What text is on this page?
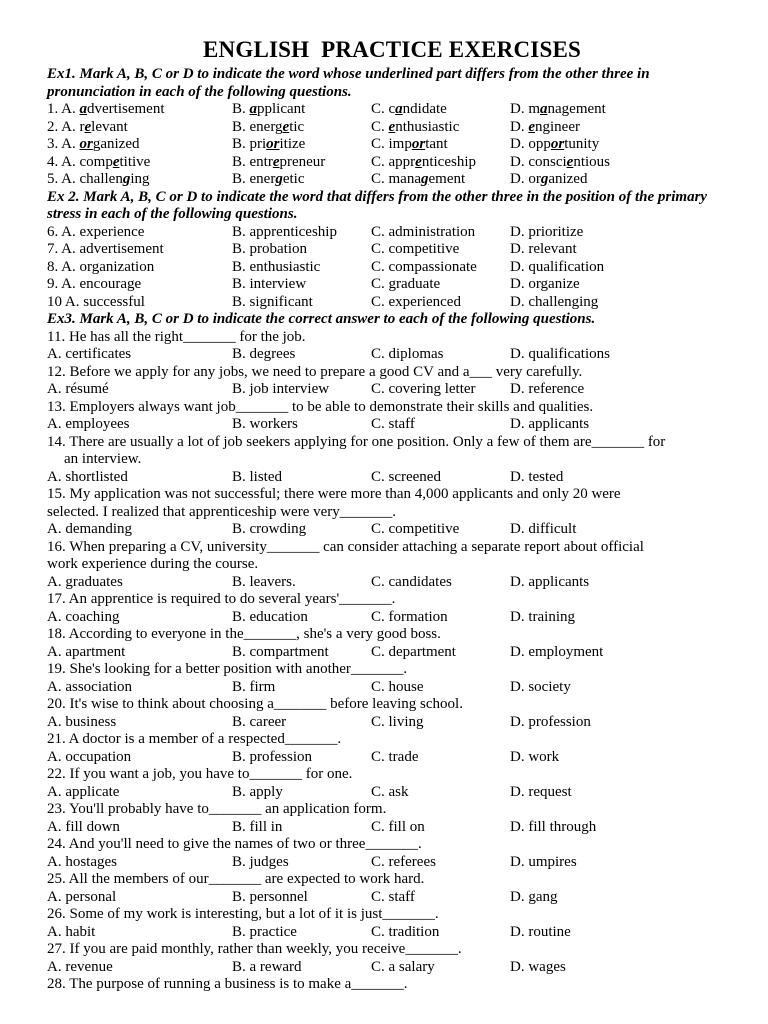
ENGLISH  PRACTICE EXERCISES
Ex1. Mark A, B, C or D to indicate the word whose underlined part differs from the other three in pronunciation in each of the following questions.
1. A. advertisement	B. applicant	C. candidate	D. management
2. A. relevant	B. energetic	C. enthusiastic	D. engineer
3. A. organized	B. prioritize	C. important	D. opportunity
4. A. competitive	B. entrepreneur	C. apprenticeship D. conscientious
5. A. challenging	B. energetic	C. management	D. organized
Ex 2. Mark A, B, C or D to indicate the word that differs from the other three in the position of the primary stress in each of the following questions.
6. A. experience	B. apprenticeship C. administration D. prioritize
7. A. advertisement	B. probation	C. competitive	D. relevant
8. A. organization	B. enthusiastic	C. compassionate D. qualification
9. A. encourage	B. interview	C. graduate	D. organize
10 A. successful	B. significant	C. experienced	D. challenging
Ex3. Mark A, B, C or D to indicate the correct answer to each of the following questions.
11. He has all the right_______ for the job.
A. certificates	B. degrees	C. diplomas	D. qualifications
12. Before we apply for any jobs, we need to prepare a good CV and a___ very carefully.
A. résumé	B. job interview	C. covering letter D. reference
13. Employers always want job_______ to be able to demonstrate their skills and qualities.
A. employees	B. workers	C. staff	D. applicants
14. There are usually a lot of job seekers applying for one position. Only a few of them are_______ for
an interview.
A. shortlisted	B. listed	C. screened	D. tested
15. My application was not successful; there were more than 4,000 applicants and only 20 were
selected. I realized that apprenticeship were very_______.
A. demanding	B. crowding	C. competitive	D. difficult
16. When preparing a CV, university_______ can consider attaching a separate report about official
work experience during the course.
A. graduates	B. leavers.	C. candidates	D. applicants
17. An apprentice is required to do several years'_______.
A. coaching	B. education	C. formation	D. training
18. According to everyone in the_______, she's a very good boss.
A. apartment	B. compartment	C. department	D. employment
19. She's looking for a better position with another_______.
A. association	B. firm	C. house	D. society
20. It's wise to think about choosing a_______ before leaving school.
A. business	B. career	C. living	D. profession
21. A doctor is a member of a respected_______.
A. occupation	B. profession	C. trade	D. work
22. If you want a job, you have to_______ for one.
A. applicate	B. apply	C. ask	D. request
23. You'll probably have to_______ an application form.
A. fill down	B. fill in	C. fill on	D. fill through
24. And you'll need to give the names of two or three_______.
A. hostages	B. judges	C. referees	D. umpires
25. All the members of our_______ are expected to work hard.
A. personal	B. personnel	C. staff	D. gang
26. Some of my work is interesting, but a lot of it is just_______.
A. habit	B. practice	C. tradition	D. routine
27. If you are paid monthly, rather than weekly, you receive_______.
A. revenue	B. a reward	C. a salary	D. wages
28. The purpose of running a business is to make a_______.
